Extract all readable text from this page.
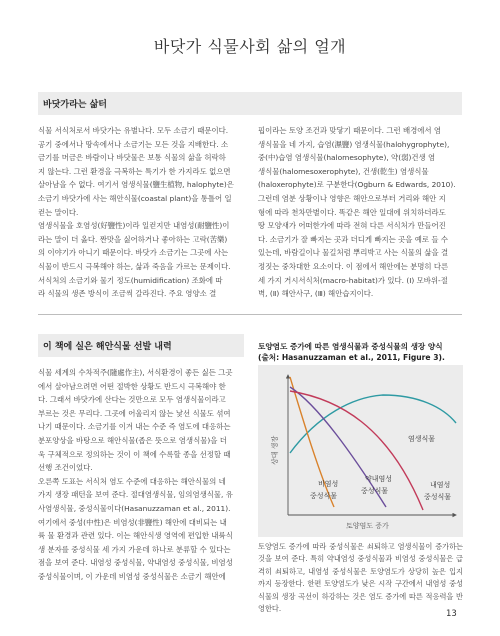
바닷가 식물사회 삶의 얼개
바닷가라는 삶터
식물 서식처로서 바닷가는 유별나다. 모두 소금기 때문이다.
공기 중에서나 땅속에서나 소금기는 모든 것을 지배한다. 소
금기를 머금은 바람이나 바닷물은 보통 식물의 삶을 허락하
지 않는다. 그런 환경을 극복하는 특기가 한 가지라도 없으면
살아남을 수 없다. 여기서 염생식물(鹽生植物, halophyte)은
소금기 바닷가에 사는 해안식물(coastal plant)을 통틀어 일
컫는 말이다.
염생식물을 호염성(好鹽性)이라 일컫지만 내염성(耐鹽性)이
라는 말이 더 옳다. 짠맛을 싫어하거나 좋아하는 고락(苦樂)
의 이야기가 아니기 때문이다. 바닷가 소금기는 그곳에 사는
식물이 반드시 극복해야 하는, 삶과 죽음을 가르는 문제이다.
서식처의 소금기와 물기 정도(humidification) 조화에 따
라 식물의 생존 방식이 조금씩 갈라진다. 주요 영양소 결
핍이라는 토양 조건과 맞닿기 때문이다. 그런 배경에서 염
생식물을 네 가지, 습염(濕鹽) 염생식물(halohygrophyte),
중(中)습염 염생식물(halomesophyte), 약(弱)건생 염
생식물(halomesoxerophyte), 건생(乾生) 염생식물
(haloxerophyte)로 구분한다(Ogburn & Edwards, 2010).
그런데 염분 상황이나 영향은 해안으로부터 거리와 해안 지
형에 따라 천차만별이다. 똑같은 해안 일대에 위치하더라도
땅 모양새가 어떠한가에 따라 전혀 다른 서식처가 만들어진
다. 소금기가 잘 빠지는 곳과 더디게 빠지는 곳을 예로 들 수
있는데, 바람길이나 물길처럼 뿌리박고 사는 식물의 삶을 결
정짓는 중차대한 요소이다. 이 점에서 해안에는 분명히 다른
세 가지 거시서식처(macro-habitat)가 있다. (Ⅰ) 모바위-절
벽, (Ⅱ) 해안사구, (Ⅲ) 해안습지이다.
이 책에 실은 해안식물 선발 내력
식물 세계의 수차적주(隨處作主), 서식환경이 좋든 싫든 그곳
에서 살아남으려면 어떤 절박한 상황도 반드시 극복해야 한
다. 그래서 바닷가에 산다는 것만으로 모두 염생식물이라고
부르는 것은 무리다. 그곳에 어울리지 않는 낯선 식물도 섞여
나기 때문이다. 소금기를 이겨 내는 수준 즉 염도에 대응하는
분포양상을 바탕으로 해안식물(좁은 뜻으로 염생식물)을 더
욱 구체적으로 정의하는 것이 이 책에 수록할 종을 선정할 때
선행 조건이었다.
오른쪽 도표는 서식처 염도 수준에 대응하는 해안식물의 네
가지 생장 패턴을 보여 준다. 절대염생식물, 임의염생식물, 유
사염생식물, 중성식물이다(Hasanuzzaman et al., 2011).
여기에서 중성(中性)은 비염성(非鹽性) 해안에 대비되는 내
륙 물 환경과 관련 있다. 이는 해안식생 영역에 편입한 내륙식
생 분자를 중성식물 세 가지 가운데 하나로 분류할 수 있다는
점을 보여 준다. 내염성 중성식물, 약내염성 중성식물, 비염성
중성식물이며, 이 가운데 비염성 중성식물은 소금기 해안에
토양염도 증가에 따른 염생식물과 중성식물의 생장 양식
(출처: Hasanuzzaman et al., 2011, Figure 3).
염생식물
비염성
중성식물
약내염성
중성식물
내염성
중성식물
상대 생장
토양염도 증가
토양염도 증가에 따라 중성식물은 쇠퇴하고 염생식물이 증가하는 것을 보여 준다. 특히 약내염성 중성식물과 비염성 중성식물은 급격히 쇠퇴하고, 내염성 중성식물은 토양염도가 상당히 높은 입지까지 등장한다. 한편 토양염도가 낮은 시작 구간에서 내염성 중성식물의 생장 곡선이 하강하는 것은 염도 증가에 따른 적응력을 반영한다.
13
